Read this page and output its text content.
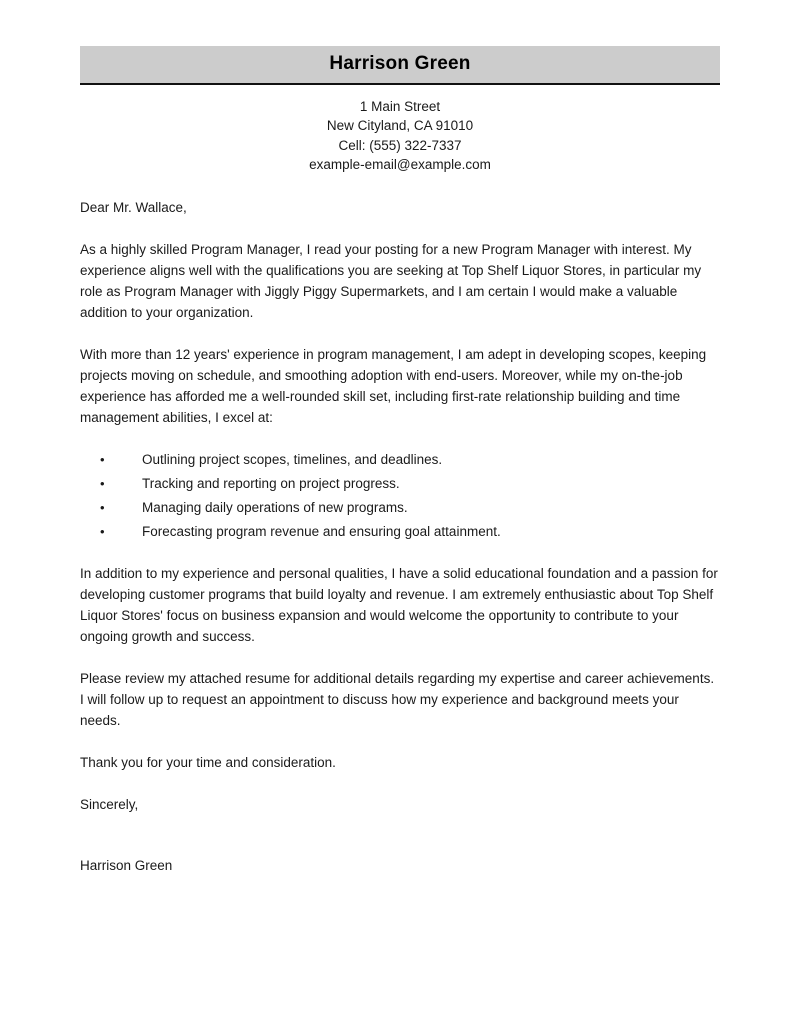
Harrison Green
1 Main Street
New Cityland, CA 91010
Cell: (555) 322-7337
example-email@example.com

Dear Mr. Wallace,

As a highly skilled Program Manager, I read your posting for a new Program Manager with interest. My experience aligns well with the qualifications you are seeking at Top Shelf Liquor Stores, in particular my role as Program Manager with Jiggly Piggy Supermarkets, and I am certain I would make a valuable addition to your organization.

With more than 12 years' experience in program management, I am adept in developing scopes, keeping projects moving on schedule, and smoothing adoption with end-users. Moreover, while my on-the-job experience has afforded me a well-rounded skill set, including first-rate relationship building and time management abilities, I excel at:

•	Outlining project scopes, timelines, and deadlines.
•	Tracking and reporting on project progress.
•	Managing daily operations of new programs.
•	Forecasting program revenue and ensuring goal attainment.

In addition to my experience and personal qualities, I have a solid educational foundation and a passion for developing customer programs that build loyalty and revenue. I am extremely enthusiastic about Top Shelf Liquor Stores' focus on business expansion and would welcome the opportunity to contribute to your ongoing growth and success.

Please review my attached resume for additional details regarding my expertise and career achievements. I will follow up to request an appointment to discuss how my experience and background meets your needs.

Thank you for your time and consideration.

Sincerely,

Harrison Green
